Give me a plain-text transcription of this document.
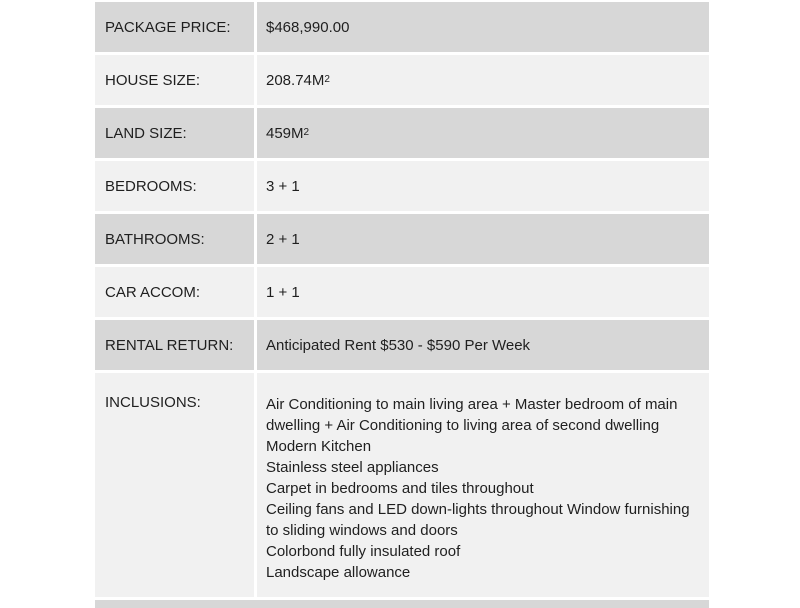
PACKAGE PRICE:	$468,990.00
HOUSE SIZE:	208.74M 2
LAND SIZE:	459M 2
BEDROOMS:	3 + 1
BATHROOMS:	2 + 1
CAR ACCOM:	1 + 1
RENTAL RETURN:	Anticipated Rent $530 - $590 Per Week
INCLUSIONS:	Air Conditioning to main living area + Master bedroom of main dwelling + Air Conditioning to living area of second dwelling
Modern Kitchen
Stainless steel appliances
Carpet in bedrooms and tiles throughout
Ceiling fans and LED down-lights throughout Window furnishing to sliding windows and doors
Colorbond fully insulated roof
Landscape allowance
